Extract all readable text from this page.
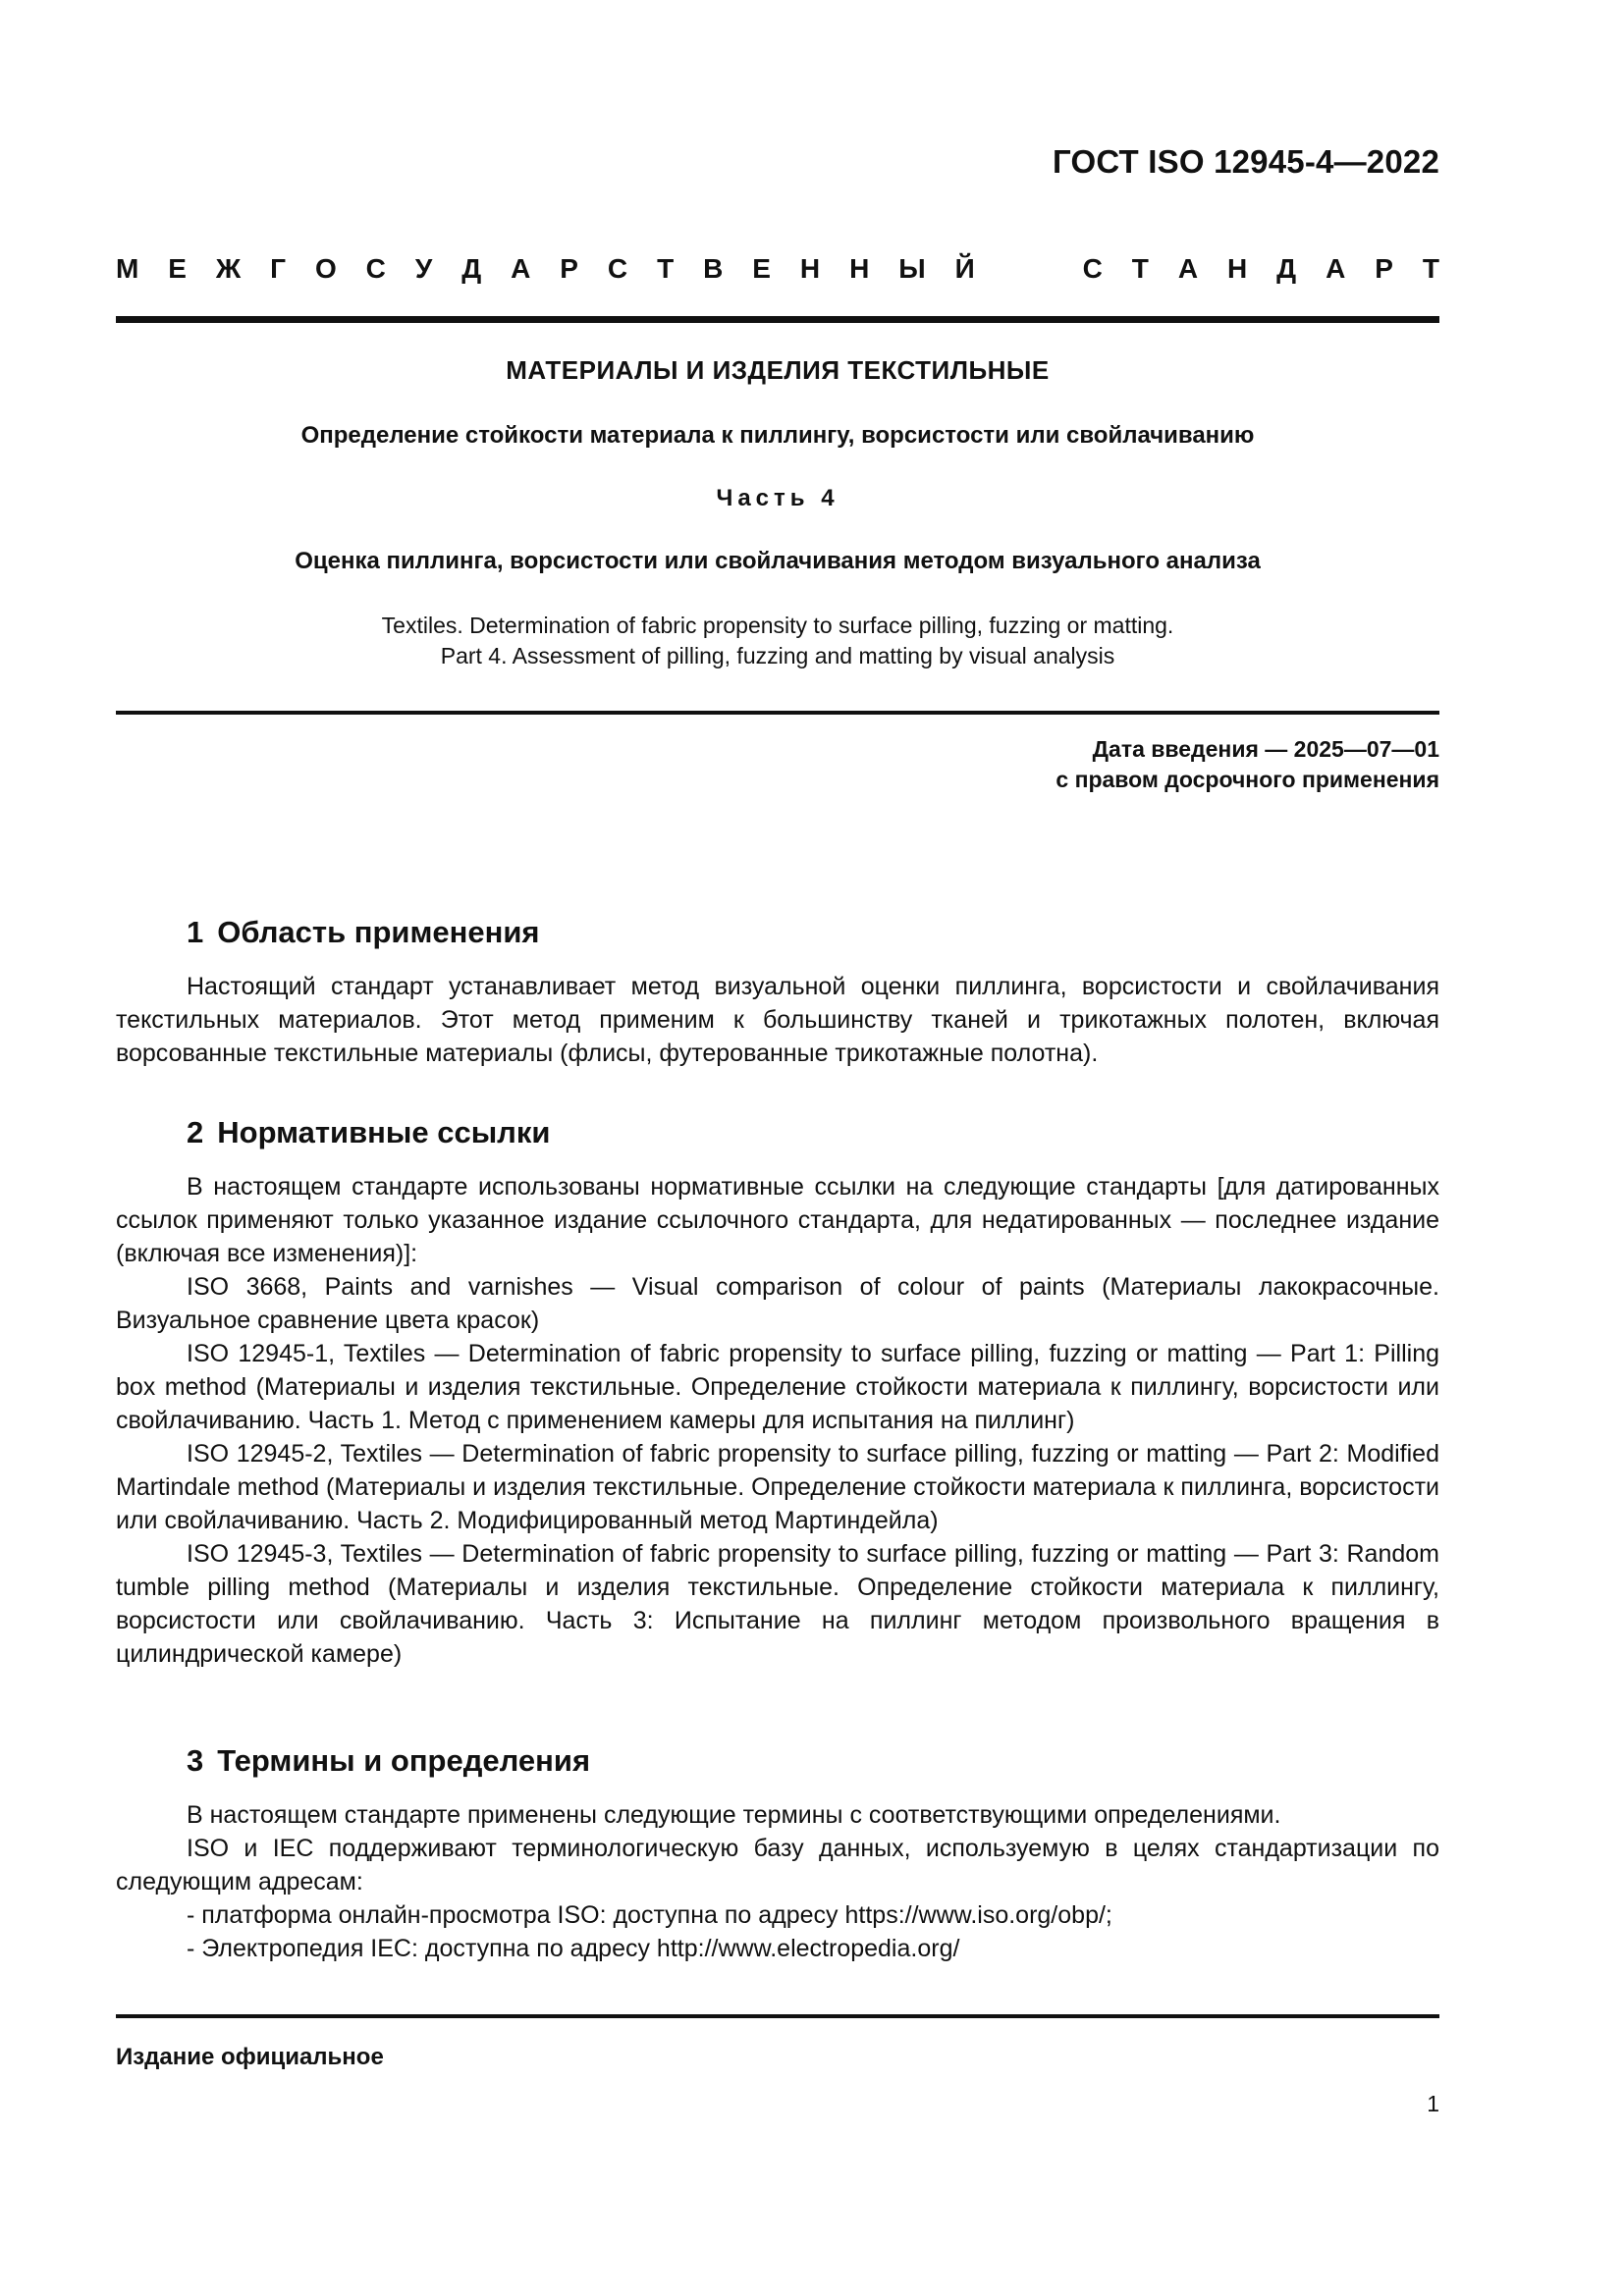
ГОСТ ISO 12945-4—2022
М Е Ж Г О С У Д А Р С Т В Е Н Н Ы Й	С Т А Н Д А Р Т
МАТЕРИАЛЫ И ИЗДЕЛИЯ ТЕКСТИЛЬНЫЕ
Определение стойкости материала к пиллингу, ворсистости или свойлачиванию
Часть 4
Оценка пиллинга, ворсистости или свойлачивания методом визуального анализа
Textiles. Determination of fabric propensity to surface pilling, fuzzing or matting.
Part 4. Assessment of pilling, fuzzing and matting by visual analysis
Дата введения — 2025—07—01
с правом досрочного применения
1 Область применения

Настоящий стандарт устанавливает метод визуальной оценки пиллинга, ворсистости и свойлачивания текстильных материалов. Этот метод применим к большинству тканей и трикотажных полотен, включая ворсованные текстильные материалы (флисы, футерованные трикотажные полотна).

2 Нормативные ссылки

В настоящем стандарте использованы нормативные ссылки на следующие стандарты [для датированных ссылок применяют только указанное издание ссылочного стандарта, для недатированных — последнее издание (включая все изменения)]:

ISO 3668, Paints and varnishes — Visual comparison of colour of paints (Материалы лакокрасочные. Визуальное сравнение цвета красок)

ISO 12945-1, Textiles — Determination of fabric propensity to surface pilling, fuzzing or matting — Part 1: Pilling box method (Материалы и изделия текстильные. Определение стойкости материала к пиллингу, ворсистости или свойлачиванию. Часть 1. Метод с применением камеры для испытания на пиллинг)

ISO 12945-2, Textiles — Determination of fabric propensity to surface pilling, fuzzing or matting — Part 2: Modified Martindale method (Материалы и изделия текстильные. Определение стойкости материала к пиллинга, ворсистости или свойлачиванию. Часть 2. Модифицированный метод Мартиндейла)

ISO 12945-3, Textiles — Determination of fabric propensity to surface pilling, fuzzing or matting — Part 3: Random tumble pilling method (Материалы и изделия текстильные. Определение стойкости материала к пиллингу, ворсистости или свойлачиванию. Часть 3: Испытание на пиллинг методом произвольного вращения в цилиндрической камере)

3 Термины и определения

В настоящем стандарте применены следующие термины с соответствующими определениями.

ISO и IEC поддерживают терминологическую базу данных, используемую в целях стандартизации по следующим адресам:

- платформа онлайн-просмотра ISO: доступна по адресу https://www.iso.org/obp/;

- Электропедия IEC: доступна по адресу http://www.electropedia.org/

Издание официальное
1
